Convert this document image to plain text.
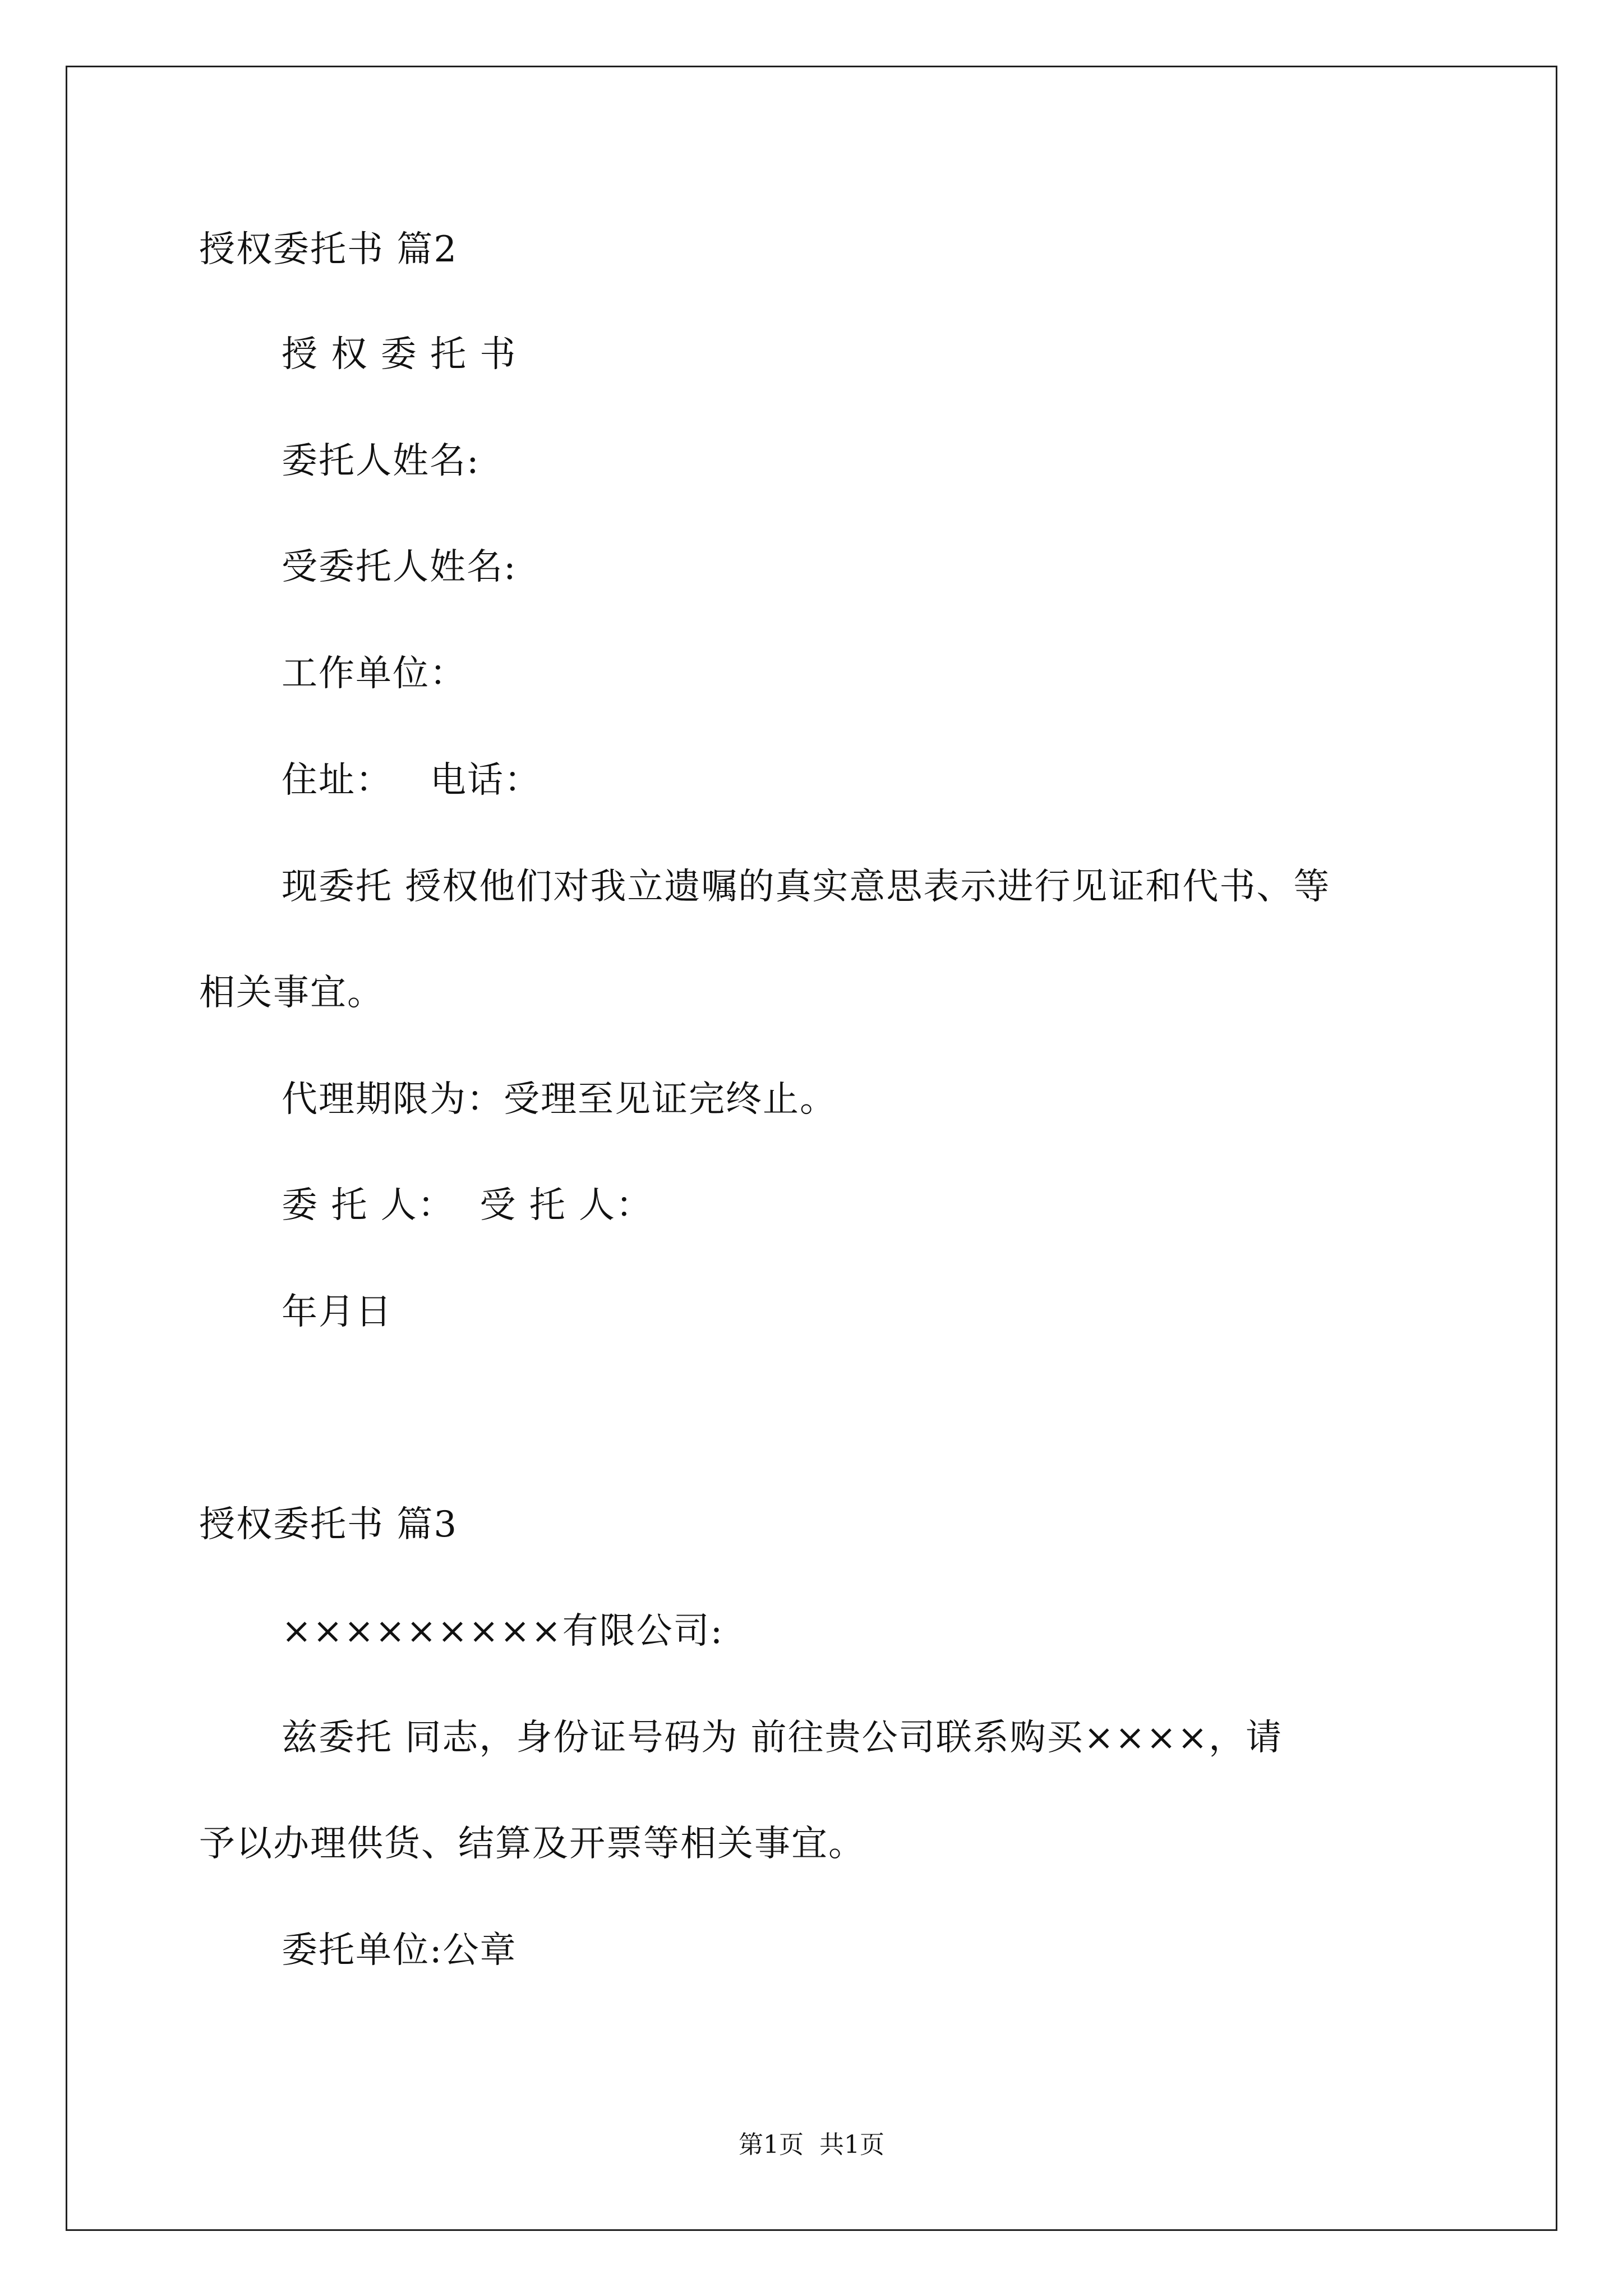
授权委托书 篇2
授 权 委 托 书
委托人姓名:
受委托人姓名:
工作单位：
住址：   电话：
现委托 授权他们对我立遗嘱的真实意思表示进行见证和代书、等
相关事宜。
代理期限为：受理至见证完终止。
委 托 人：  受 托 人：
年月日
授权委托书 篇3
×××××××××有限公司:
兹委托 同志，身份证号码为 前往贵公司联系购买××××，请
予以办理供货、结算及开票等相关事宜。
委托单位:公章
第1页  共1页
